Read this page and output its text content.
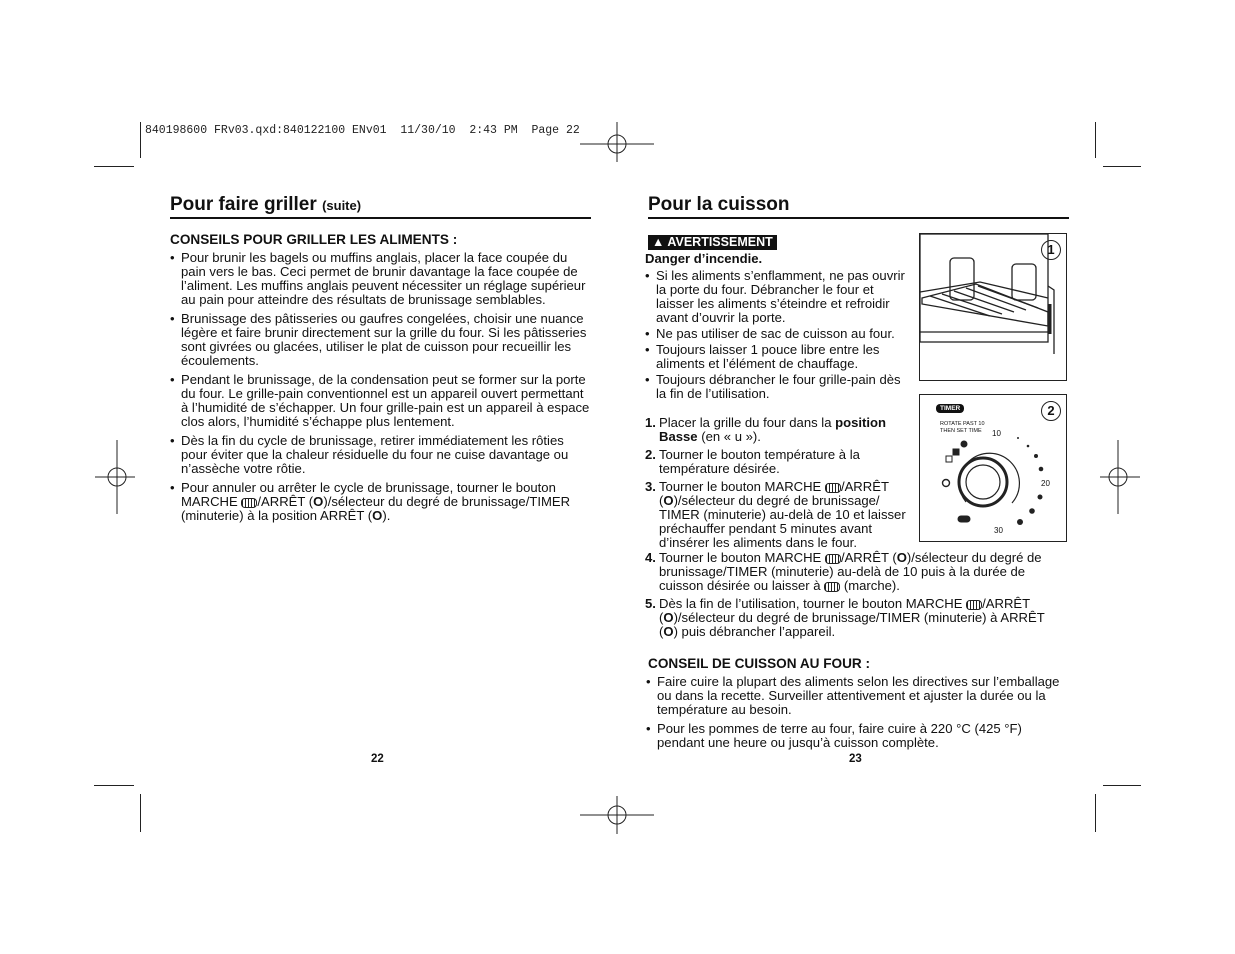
840198600 FRv03.qxd:840122100 ENv01  11/30/10  2:43 PM  Page 22
Pour faire griller (suite)
CONSEILS POUR GRILLER LES ALIMENTS :
• Pour brunir les bagels ou muffins anglais, placer la face coupée du pain vers le bas. Ceci permet de brunir davantage la face coupée de l’aliment. Les muffins anglais peuvent nécessiter un réglage supérieur au pain pour atteindre des résultats de brunissage semblables.
• Brunissage des pâtisseries ou gaufres congelées, choisir une nuance légère et faire brunir directement sur la grille du four. Si les pâtisseries sont givrées ou glacées, utiliser le plat de cuisson pour recueillir les écoulements.
• Pendant le brunissage, de la condensation peut se former sur la porte du four. Le grille-pain conventionnel est un appareil ouvert permettant à l’humidité de s’échapper. Un four grille-pain est un appareil à espace clos alors, l’humidité s’échappe plus lentement.
• Dès la fin du cycle de brunissage, retirer immédiatement les rôties pour éviter que la chaleur résiduelle du four ne cuise davantage ou n’assèche votre rôtie.
• Pour annuler ou arrêter le cycle de brunissage, tourner le bouton MARCHE /ARRÊT (O)/sélecteur du degré de brunissage/TIMER (minuterie) à la position ARRÊT (O).
22
Pour la cuisson
▲ AVERTISSEMENT
Danger d’incendie.
• Si les aliments s’enflamment, ne pas ouvrir la porte du four. Débrancher le four et laisser les aliments s’éteindre et refroidir avant d’ouvrir la porte.
• Ne pas utiliser de sac de cuisson au four.
• Toujours laisser 1 pouce libre entre les aliments et l’élément de chauffage.
• Toujours débrancher le four grille-pain dès la fin de l’utilisation.
1. Placer la grille du four dans la position Basse (en « u »).
2. Tourner le bouton température à la température désirée.
3. Tourner le bouton MARCHE /ARRÊT (O)/sélecteur du degré de brunissage/ TIMER (minuterie) au-delà de 10 et laisser préchauffer pendant 5 minutes avant d’insérer les aliments dans le four.
4. Tourner le bouton MARCHE /ARRÊT (O)/sélecteur du degré de brunissage/TIMER (minuterie) au-delà de 10 puis à la durée de cuisson désirée ou laisser à  (marche).
5. Dès la fin de l’utilisation, tourner le bouton MARCHE /ARRÊT (O)/sélecteur du degré de brunissage/TIMER (minuterie) à ARRÊT (O) puis débrancher l’appareil.
CONSEIL DE CUISSON AU FOUR :
• Faire cuire la plupart des aliments selon les directives sur l’emballage ou dans la recette. Surveiller attentivement et ajuster la durée ou la température au besoin.
• Pour les pommes de terre au four, faire cuire à 220 °C (425 °F) pendant une heure ou jusqu’à cuisson complète.
23
1
TIMER
ROTATE PAST 10
THEN SET TIME	10
20
30
2
